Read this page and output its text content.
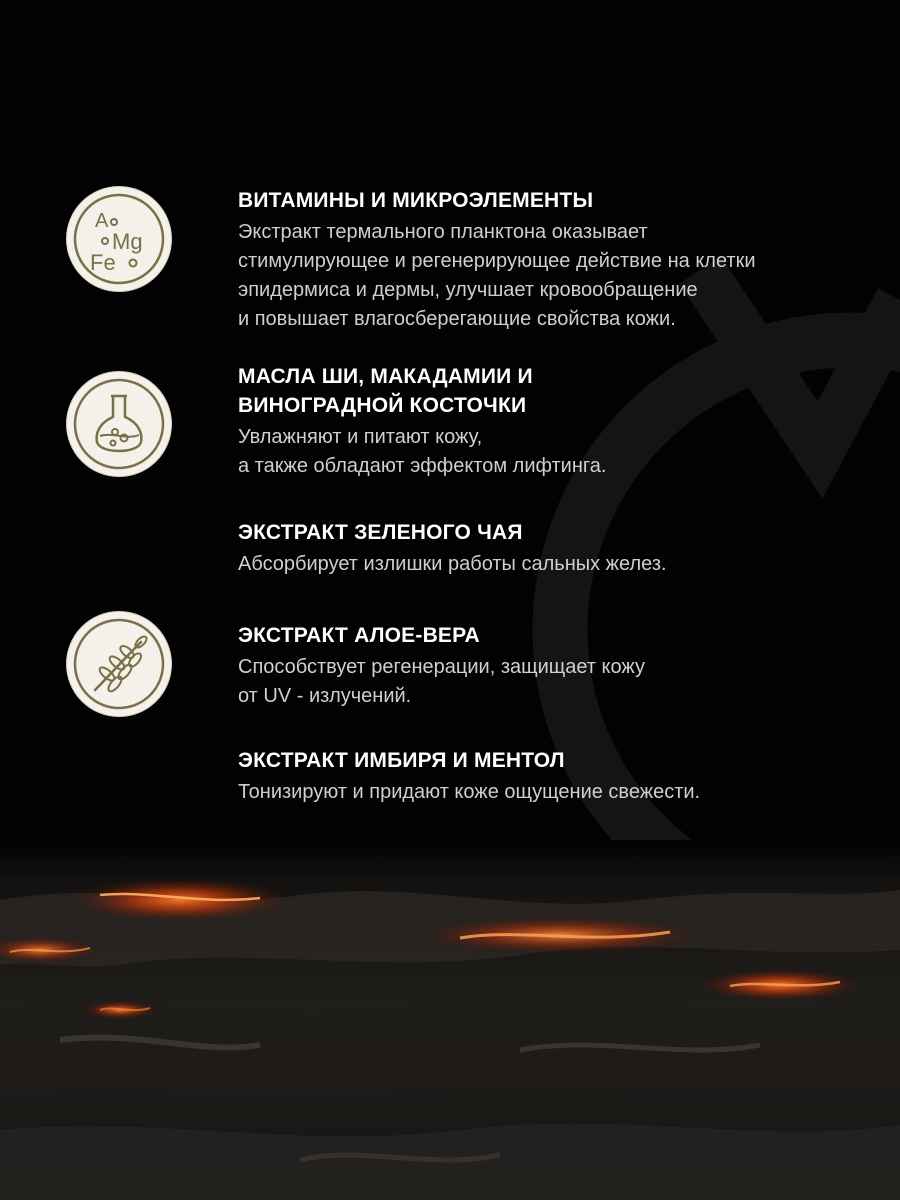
A
Mg
Fe
ВИТАМИНЫ И МИКРОЭЛЕМЕНТЫ
Экстракт термального планктона оказывает
стимулирующее и регенерирующее действие на клетки
эпидермиса и дермы, улучшает кровообращение
и повышает влагосберегающие свойства кожи.
МАСЛА ШИ, МАКАДАМИИ И
ВИНОГРАДНОЙ КОСТОЧКИ
Увлажняют и питают кожу,
а также обладают эффектом лифтинга.
ЭКСТРАКТ ЗЕЛЕНОГО ЧАЯ
Абсорбирует излишки работы сальных желез.
ЭКСТРАКТ АЛОЕ-ВЕРА
Способствует регенерации, защищает кожу
от UV - излучений.
ЭКСТРАКТ ИМБИРЯ И МЕНТОЛ
Тонизируют и придают коже ощущение свежести.
